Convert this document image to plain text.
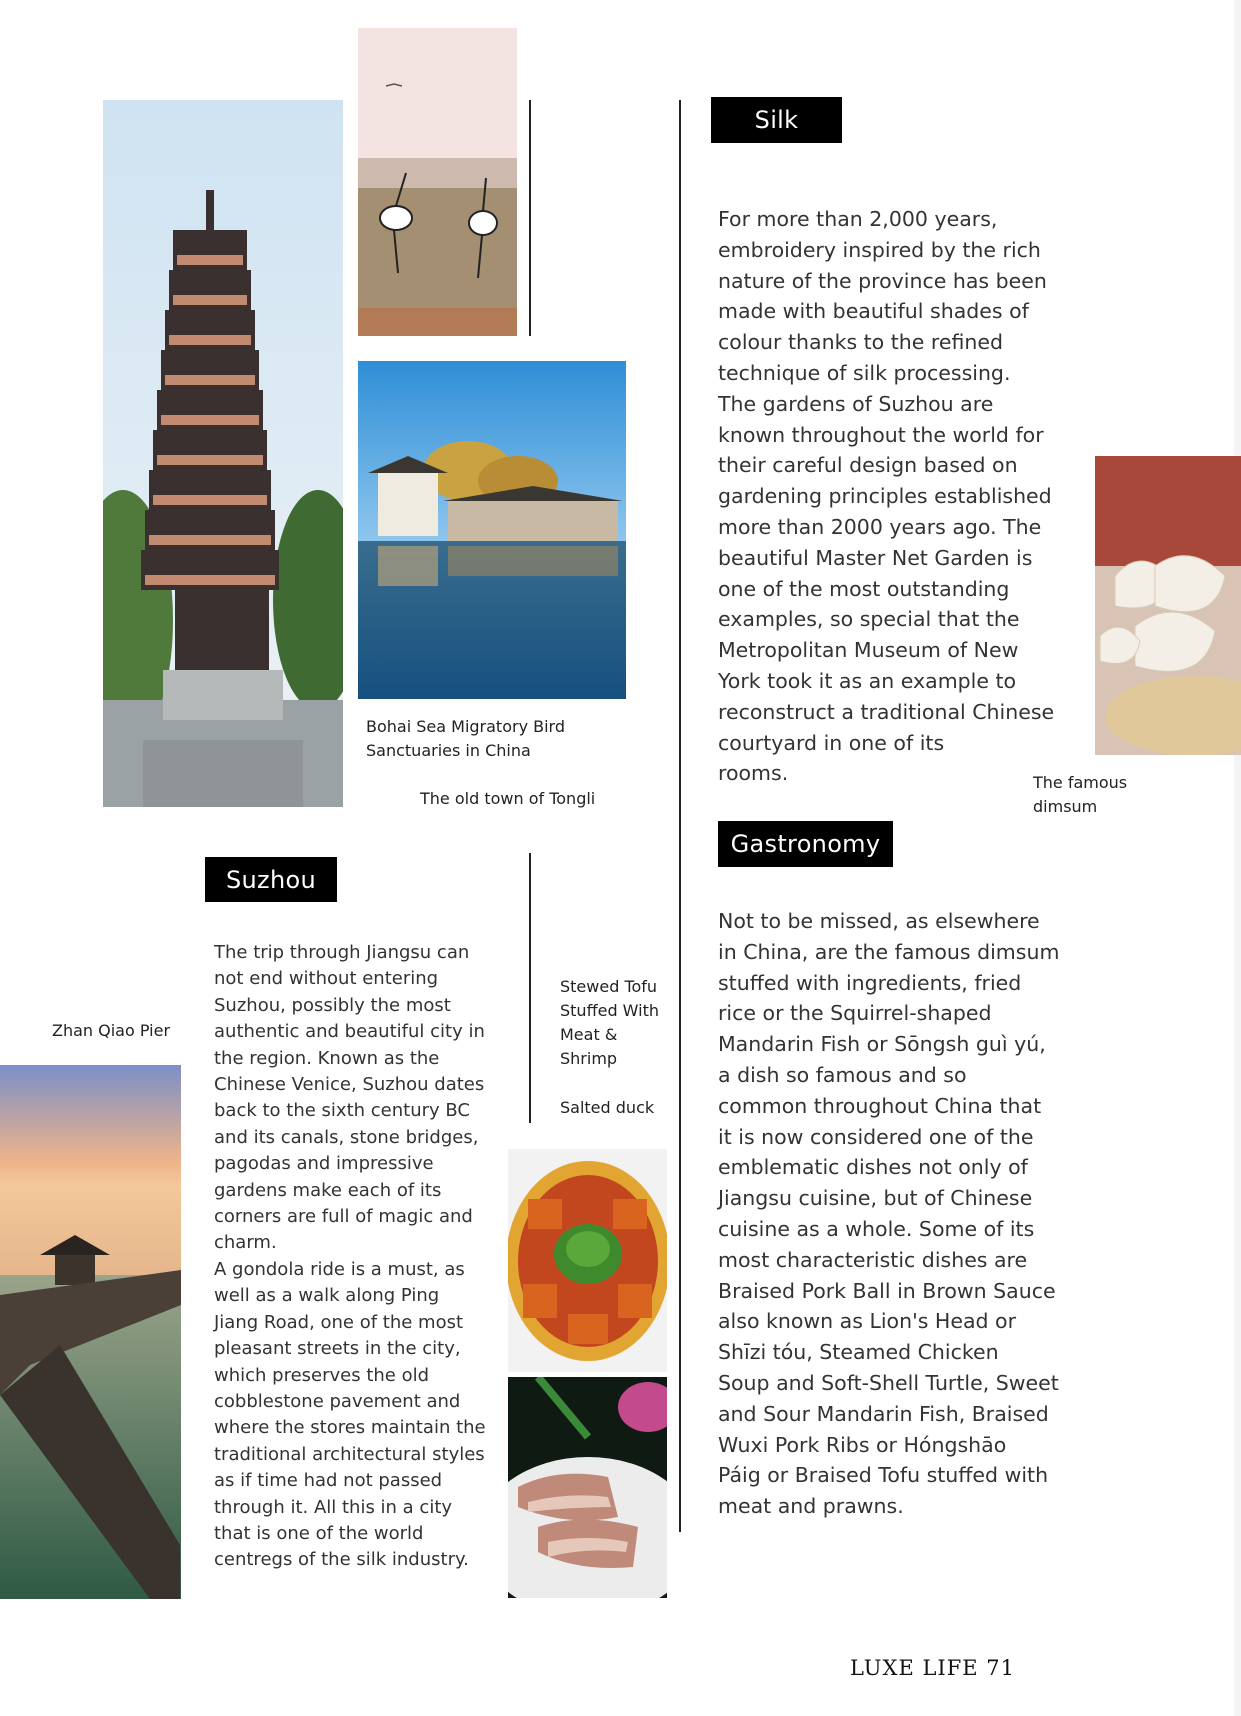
Bohai Sea Migratory Bird
Sanctuaries in China
The old town of Tongli
The famous
dimsum
Zhan Qiao Pier
Stewed Tofu
Stuffed With
Meat &
Shrimp
Salted duck
Silk
Gastronomy
Suzhou
For more than 2,000 years,
embroidery inspired by the rich
nature of the province has been
made with beautiful shades of
colour thanks to the refined
technique of silk processing.
The gardens of Suzhou are
known throughout the world for
their careful design based on
gardening principles established
more than 2000 years ago. The
beautiful Master Net Garden is
one of the most outstanding
examples, so special that the
Metropolitan Museum of New
York took it as an example to
reconstruct a traditional Chinese
courtyard in one of its
rooms.
Not to be missed, as elsewhere
in China, are the famous dimsum
stuffed with ingredients, fried
rice or the Squirrel-shaped
Mandarin Fish or Sōngsh guì yú,
a dish so famous and so
common throughout China that
it is now considered one of the
emblematic dishes not only of
Jiangsu cuisine, but of Chinese
cuisine as a whole. Some of its
most characteristic dishes are
Braised Pork Ball in Brown Sauce
also known as Lion's Head or
Shīzi tóu, Steamed Chicken
Soup and Soft-Shell Turtle, Sweet
and Sour Mandarin Fish, Braised
Wuxi Pork Ribs or Hóngshāo
Páig or Braised Tofu stuffed with
meat and prawns.
The trip through Jiangsu can
not end without entering
Suzhou, possibly the most
authentic and beautiful city in
the region. Known as the
Chinese Venice, Suzhou dates
back to the sixth century BC
and its canals, stone bridges,
pagodas and impressive
gardens make each of its
corners are full of magic and
charm.
A gondola ride is a must, as
well as a walk along Ping
Jiang Road, one of the most
pleasant streets in the city,
which preserves the old
cobblestone pavement and
where the stores maintain the
traditional architectural styles
as if time had not passed
through it. All this in a city
that is one of the world
centregs of the silk industry.
LUXE LIFE 71
